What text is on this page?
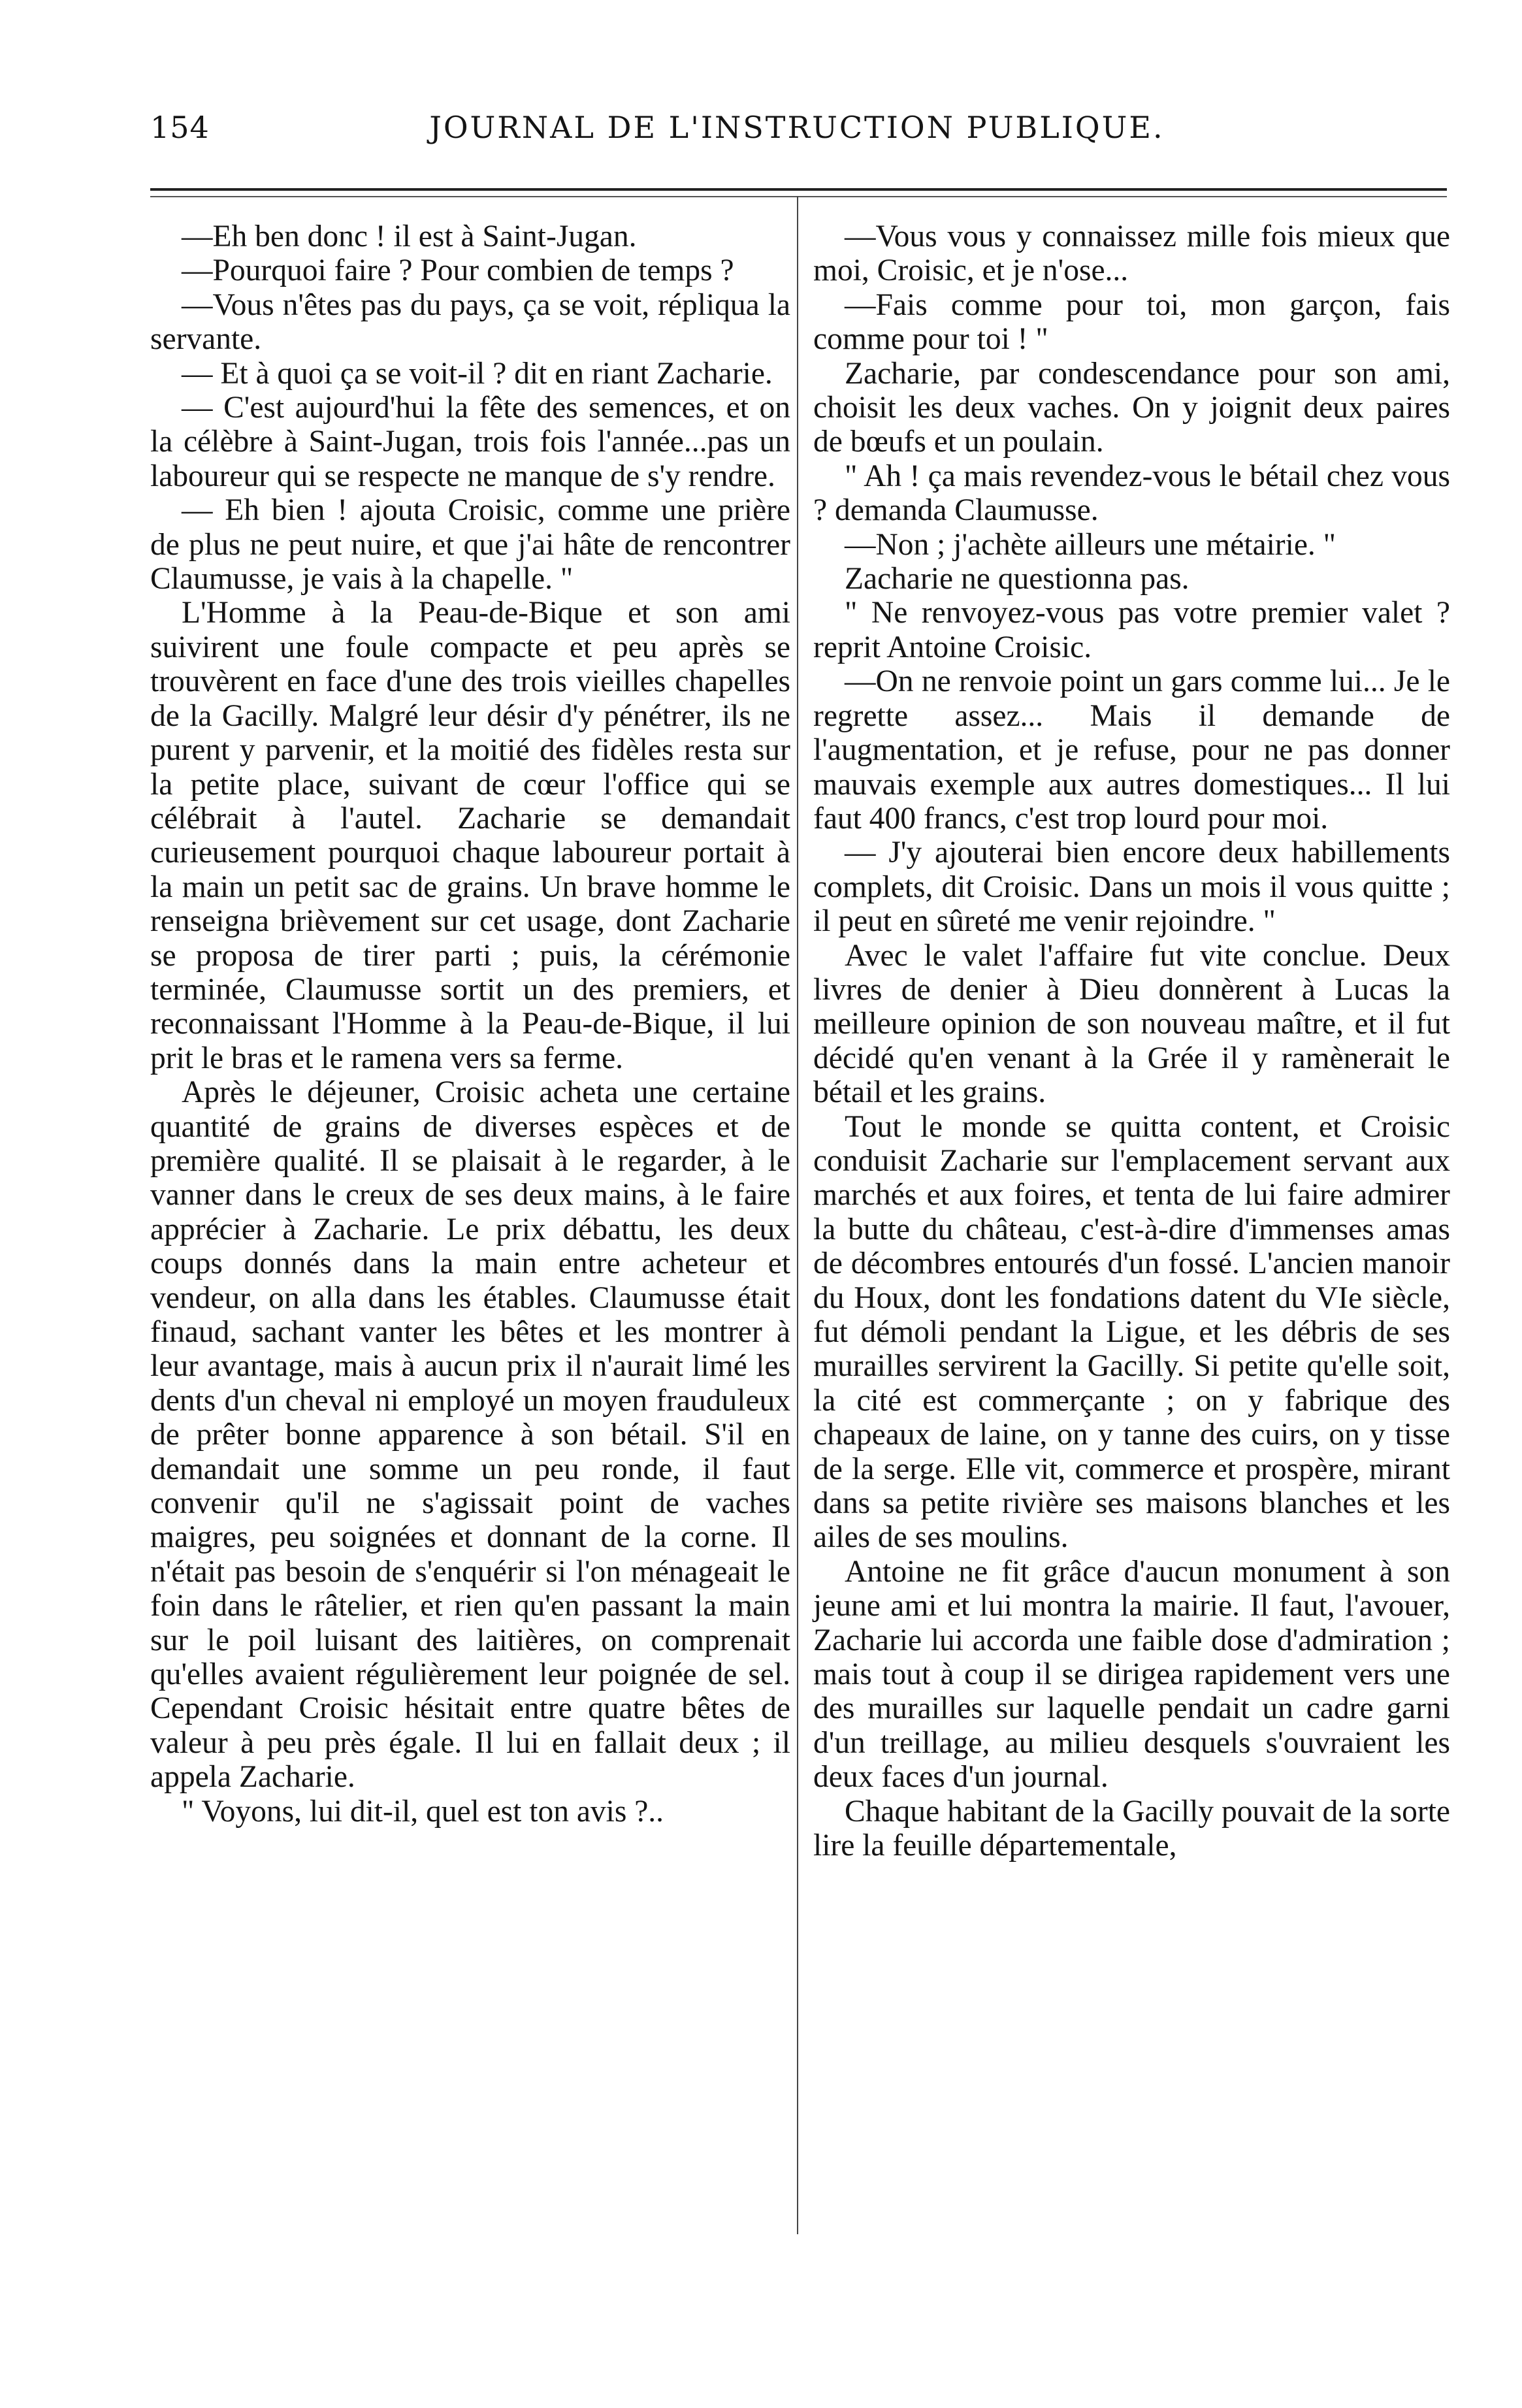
154	JOURNAL DE L'INSTRUCTION PUBLIQUE.

—Eh ben donc ! il est à Saint-Jugan.

—Pourquoi faire ? Pour combien de temps ?

—Vous n'êtes pas du pays, ça se voit, répliqua la servante.

— Et à quoi ça se voit-il ? dit en riant Zacharie.

— C'est aujourd'hui la fête des semences, et on la célèbre à Saint-Jugan, trois fois l'année...pas un laboureur qui se respecte ne manque de s'y rendre.

— Eh bien ! ajouta Croisic, comme une prière de plus ne peut nuire, et que j'ai hâte de rencontrer Claumusse, je vais à la chapelle. "

L'Homme à la Peau-de-Bique et son ami suivirent une foule compacte et peu après se trouvèrent en face d'une des trois vieilles chapelles de la Gacilly. Malgré leur désir d'y pénétrer, ils ne purent y parvenir, et la moitié des fidèles resta sur la petite place, suivant de cœur l'office qui se célébrait à l'autel. Zacharie se demandait curieusement pourquoi chaque laboureur portait à la main un petit sac de grains. Un brave homme le renseigna brièvement sur cet usage, dont Zacharie se proposa de tirer parti ; puis, la cérémonie terminée, Claumusse sortit un des premiers, et reconnaissant l'Homme à la Peau-de-Bique, il lui prit le bras et le ramena vers sa ferme.

Après le déjeuner, Croisic acheta une certaine quantité de grains de diverses espèces et de première qualité. Il se plaisait à le regarder, à le vanner dans le creux de ses deux mains, à le faire apprécier à Zacharie. Le prix débattu, les deux coups donnés dans la main entre acheteur et vendeur, on alla dans les étables. Claumusse était finaud, sachant vanter les bêtes et les montrer à leur avantage, mais à aucun prix il n'aurait limé les dents d'un cheval ni employé un moyen frauduleux de prêter bonne apparence à son bétail. S'il en demandait une somme un peu ronde, il faut convenir qu'il ne s'agissait point de vaches maigres, peu soignées et donnant de la corne. Il n'était pas besoin de s'enquérir si l'on ménageait le foin dans le râtelier, et rien qu'en passant la main sur le poil luisant des laitières, on comprenait qu'elles avaient régulièrement leur poignée de sel. Cependant Croisic hésitait entre quatre bêtes de valeur à peu près égale. Il lui en fallait deux ; il appela Zacharie.

" Voyons, lui dit-il, quel est ton avis ?..

—Vous vous y connaissez mille fois mieux que moi, Croisic, et je n'ose...

—Fais comme pour toi, mon garçon, fais comme pour toi ! "

Zacharie, par condescendance pour son ami, choisit les deux vaches. On y joignit deux paires de bœufs et un poulain.

" Ah ! ça mais revendez-vous le bétail chez vous ? demanda Claumusse.

—Non ; j'achète ailleurs une métairie. "

Zacharie ne questionna pas.

" Ne renvoyez-vous pas votre premier valet ? reprit Antoine Croisic.

—On ne renvoie point un gars comme lui... Je le regrette assez... Mais il demande de l'augmentation, et je refuse, pour ne pas donner mauvais exemple aux autres domestiques... Il lui faut 400 francs, c'est trop lourd pour moi.

— J'y ajouterai bien encore deux habillements complets, dit Croisic. Dans un mois il vous quitte ; il peut en sûreté me venir rejoindre. "

Avec le valet l'affaire fut vite conclue. Deux livres de denier à Dieu donnèrent à Lucas la meilleure opinion de son nouveau maître, et il fut décidé qu'en venant à la Grée il y ramènerait le bétail et les grains.

Tout le monde se quitta content, et Croisic conduisit Zacharie sur l'emplacement servant aux marchés et aux foires, et tenta de lui faire admirer la butte du château, c'est-à-dire d'immenses amas de décombres entourés d'un fossé. L'ancien manoir du Houx, dont les fondations datent du VIe siècle, fut démoli pendant la Ligue, et les débris de ses murailles servirent la Gacilly. Si petite qu'elle soit, la cité est commerçante ; on y fabrique des chapeaux de laine, on y tanne des cuirs, on y tisse de la serge. Elle vit, commerce et prospère, mirant dans sa petite rivière ses maisons blanches et les ailes de ses moulins.

Antoine ne fit grâce d'aucun monument à son jeune ami et lui montra la mairie. Il faut, l'avouer, Zacharie lui accorda une faible dose d'admiration ; mais tout à coup il se dirigea rapidement vers une des murailles sur laquelle pendait un cadre garni d'un treillage, au milieu desquels s'ouvraient les deux faces d'un journal.

Chaque habitant de la Gacilly pouvait de la sorte lire la feuille départementale,
